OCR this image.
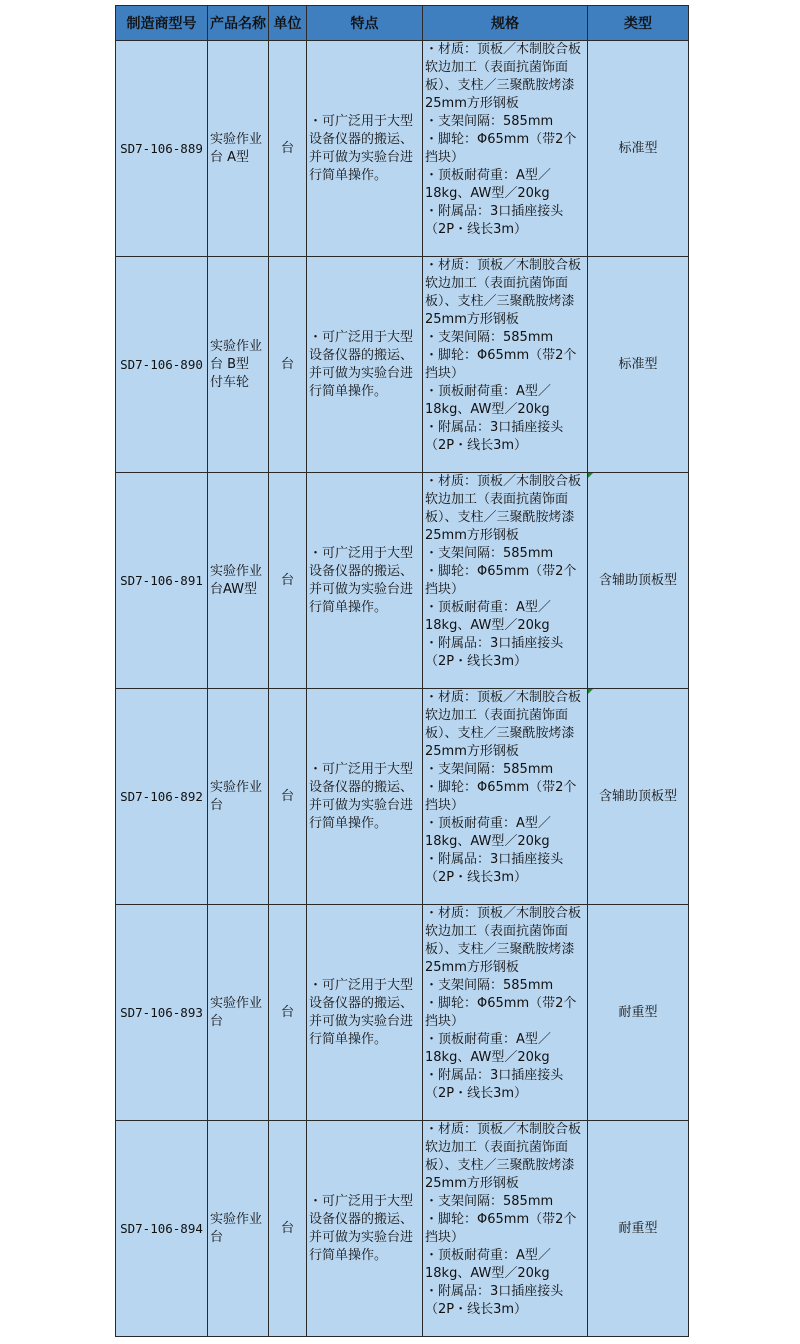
制造商型号	产品名称	单位	特点	规格	类型
SD7-106-889	实验作业台 A型	台	・可广泛用于大型设备仪器的搬运、并可做为实验台进行简单操作。	・材质：顶板／木制胶合板软边加工（表面抗菌饰面板）、支柱／三聚酰胺烤漆25mm方形钢板
・支架间隔：585mm
・脚轮：Φ65mm（带2个挡块）
・顶板耐荷重：A型／18kg、AW型／20kg
・附属品：3口插座接头（2P・线长3m）	标准型
SD7-106-890	实验作业台 B型 付车轮	台	・可广泛用于大型设备仪器的搬运、并可做为实验台进行简单操作。	・材质：顶板／木制胶合板软边加工（表面抗菌饰面板）、支柱／三聚酰胺烤漆25mm方形钢板
・支架间隔：585mm
・脚轮：Φ65mm（带2个挡块）
・顶板耐荷重：A型／18kg、AW型／20kg
・附属品：3口插座接头（2P・线长3m）	标准型
SD7-106-891	实验作业台AW型	台	・可广泛用于大型设备仪器的搬运、并可做为实验台进行简单操作。	・材质：顶板／木制胶合板软边加工（表面抗菌饰面板）、支柱／三聚酰胺烤漆25mm方形钢板
・支架间隔：585mm
・脚轮：Φ65mm（带2个挡块）
・顶板耐荷重：A型／18kg、AW型／20kg
・附属品：3口插座接头（2P・线长3m）	含辅助顶板型
SD7-106-892	实验作业台	台	・可广泛用于大型设备仪器的搬运、并可做为实验台进行简单操作。	・材质：顶板／木制胶合板软边加工（表面抗菌饰面板）、支柱／三聚酰胺烤漆25mm方形钢板
・支架间隔：585mm
・脚轮：Φ65mm（带2个挡块）
・顶板耐荷重：A型／18kg、AW型／20kg
・附属品：3口插座接头（2P・线长3m）	含辅助顶板型
SD7-106-893	实验作业台	台	・可广泛用于大型设备仪器的搬运、并可做为实验台进行简单操作。	・材质：顶板／木制胶合板软边加工（表面抗菌饰面板）、支柱／三聚酰胺烤漆25mm方形钢板
・支架间隔：585mm
・脚轮：Φ65mm（带2个挡块）
・顶板耐荷重：A型／18kg、AW型／20kg
・附属品：3口插座接头（2P・线长3m）	耐重型
SD7-106-894	实验作业台	台	・可广泛用于大型设备仪器的搬运、并可做为实验台进行简单操作。	・材质：顶板／木制胶合板软边加工（表面抗菌饰面板）、支柱／三聚酰胺烤漆25mm方形钢板
・支架间隔：585mm
・脚轮：Φ65mm（带2个挡块）
・顶板耐荷重：A型／18kg、AW型／20kg
・附属品：3口插座接头（2P・线长3m）	耐重型
